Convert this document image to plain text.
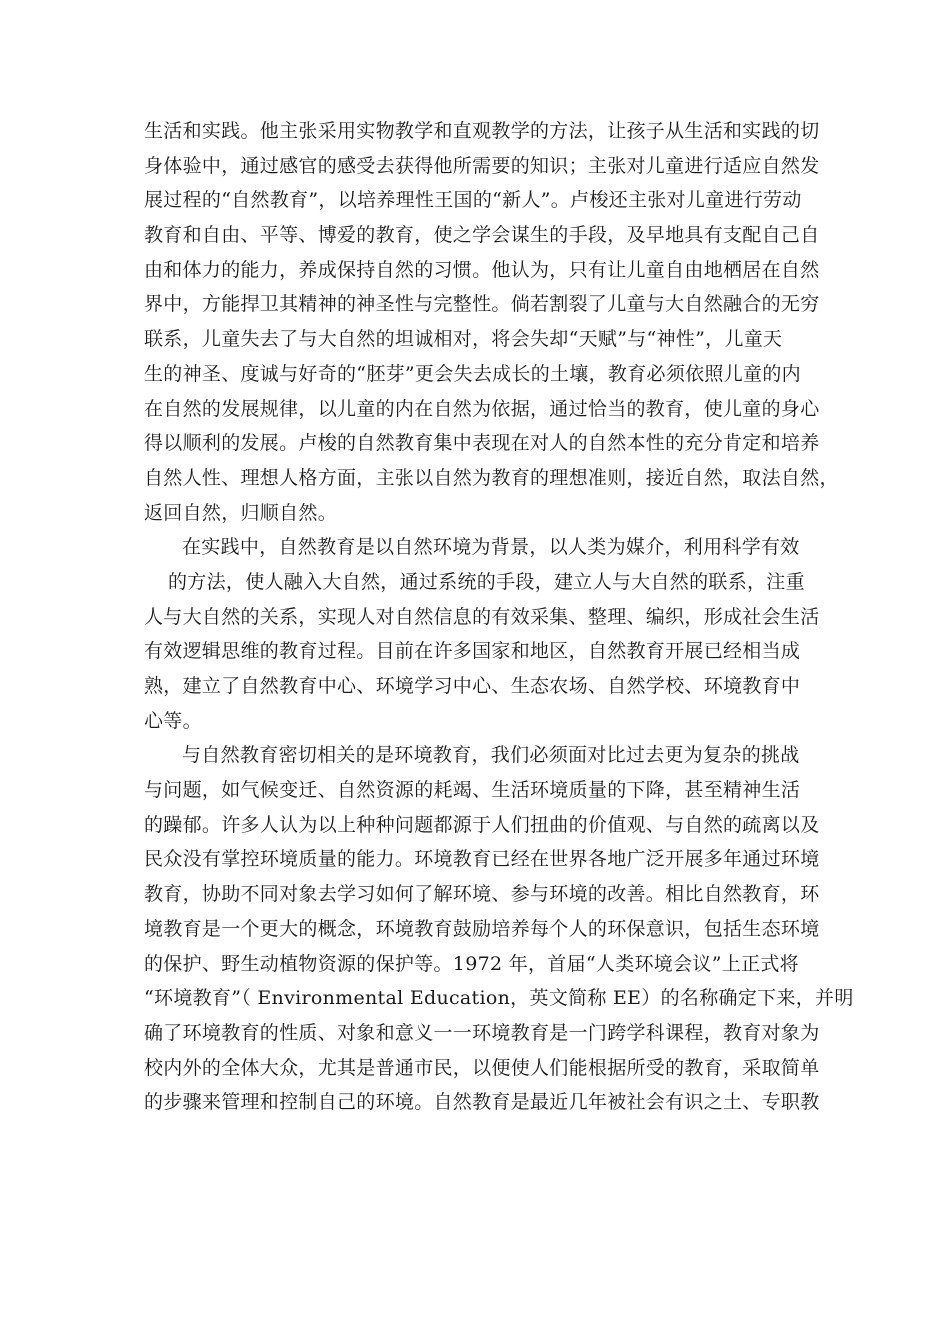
生活和实践。他主张采用实物教学和直观教学的方法，让孩子从生活和实践的切
身体验中，通过感官的感受去获得他所需要的知识；主张对儿童进行适应自然发
展过程的“自然教育”，以培养理性王国的“新人”。卢梭还主张对儿童进行劳动
教育和自由、平等、博爱的教育，使之学会谋生的手段，及早地具有支配自己自
由和体力的能力，养成保持自然的习惯。他认为，只有让儿童自由地栖居在自然
界中，方能捍卫其精神的神圣性与完整性。倘若割裂了儿童与大自然融合的无穷
联系，儿童失去了与大自然的坦诚相对，将会失却“天赋”与“神性”，儿童天
生的神圣、度诚与好奇的“胚芽”更会失去成长的土壤，教育必须依照儿童的内
在自然的发展规律，以儿童的内在自然为依据，通过恰当的教育，使儿童的身心
得以顺利的发展。卢梭的自然教育集中表现在对人的自然本性的充分肯定和培养
自然人性、理想人格方面，主张以自然为教育的理想准则，接近自然，取法自然，
返回自然，归顺自然。
在实践中，自然教育是以自然环境为背景，以人类为媒介，利用科学有效
的方法，使人融入大自然，通过系统的手段，建立人与大自然的联系，注重
人与大自然的关系，实现人对自然信息的有效采集、整理、编织，形成社会生活
有效逻辑思维的教育过程。目前在许多国家和地区，自然教育开展已经相当成
熟，建立了自然教育中心、环境学习中心、生态农场、自然学校、环境教育中
心等。
与自然教育密切相关的是环境教育，我们必须面对比过去更为复杂的挑战
与问题，如气候变迁、自然资源的耗竭、生活环境质量的下降，甚至精神生活
的躁郁。许多人认为以上种种问题都源于人们扭曲的价值观、与自然的疏离以及
民众没有掌控环境质量的能力。环境教育已经在世界各地广泛开展多年通过环境
教育，协助不同对象去学习如何了解环境、参与环境的改善。相比自然教育，环
境教育是一个更大的概念，环境教育鼓励培养每个人的环保意识，包括生态环境
的保护、野生动植物资源的保护等。1972 年，首届“人类环境会议”上正式将
“环境教育”（ Environmental Education，英文简称 EE）的名称确定下来，并明
确了环境教育的性质、对象和意义一一环境教育是一门跨学科课程，教育对象为
校内外的全体大众，尤其是普通市民，以便使人们能根据所受的教育，采取简单
的步骤来管理和控制自己的环境。自然教育是最近几年被社会有识之土、专职教
